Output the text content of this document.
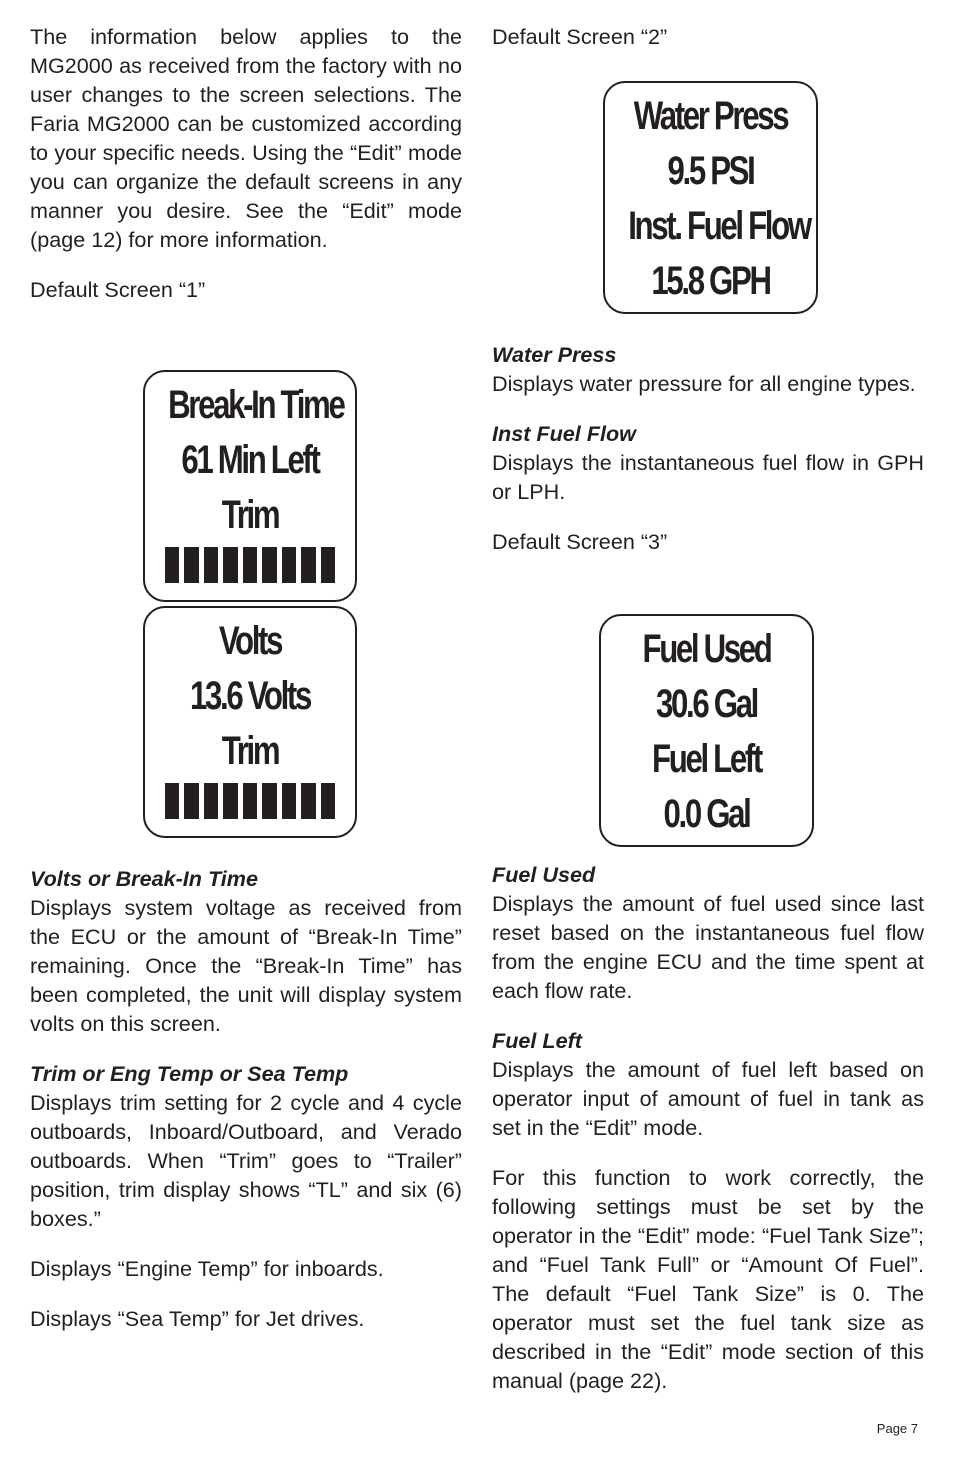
The information below applies to the MG2000 as received from the factory with no user changes to the screen selections. The Faria MG2000 can be customized according to your specific needs. Using the “Edit” mode you can organize the default screens in any manner you desire. See the “Edit” mode (page 12) for more information.

Default Screen “1”

Break-In Time
61 Min Left
Trim
Volts
13.6 Volts
Trim
Volts or Break-In Time

Displays system voltage as received from the ECU or the amount of “Break-In Time” remaining. Once the “Break-In Time” has been completed, the unit will display system volts on this screen.

Trim or Eng Temp or Sea Temp

Displays trim setting for 2 cycle and 4 cycle outboards, Inboard/Outboard, and Verado outboards. When “Trim” goes to “Trailer” position, trim display shows “TL” and six (6) boxes.”

Displays “Engine Temp” for inboards.

Displays “Sea Temp” for Jet drives.

Default Screen “2”

Water Press
9.5 PSI
Inst. Fuel Flow
15.8 GPH
Water Press

Displays water pressure for all engine types.

Inst Fuel Flow

Displays the instantaneous fuel flow in GPH or LPH.

Default Screen “3”

Fuel Used
30.6 Gal
Fuel Left
0.0 Gal
Fuel Used

Displays the amount of fuel used since last reset based on the instantaneous fuel flow from the engine ECU and the time spent at each flow rate.

Fuel Left

Displays the amount of fuel left based on operator input of amount of fuel in tank as set in the “Edit” mode.

For this function to work correctly, the following settings must be set by the operator in the “Edit” mode: “Fuel Tank Size”; and “Fuel Tank Full” or “Amount Of Fuel”. The default “Fuel Tank Size” is 0. The operator must set the fuel tank size as described in the “Edit” mode section of this manual (page 22).

Page 7
